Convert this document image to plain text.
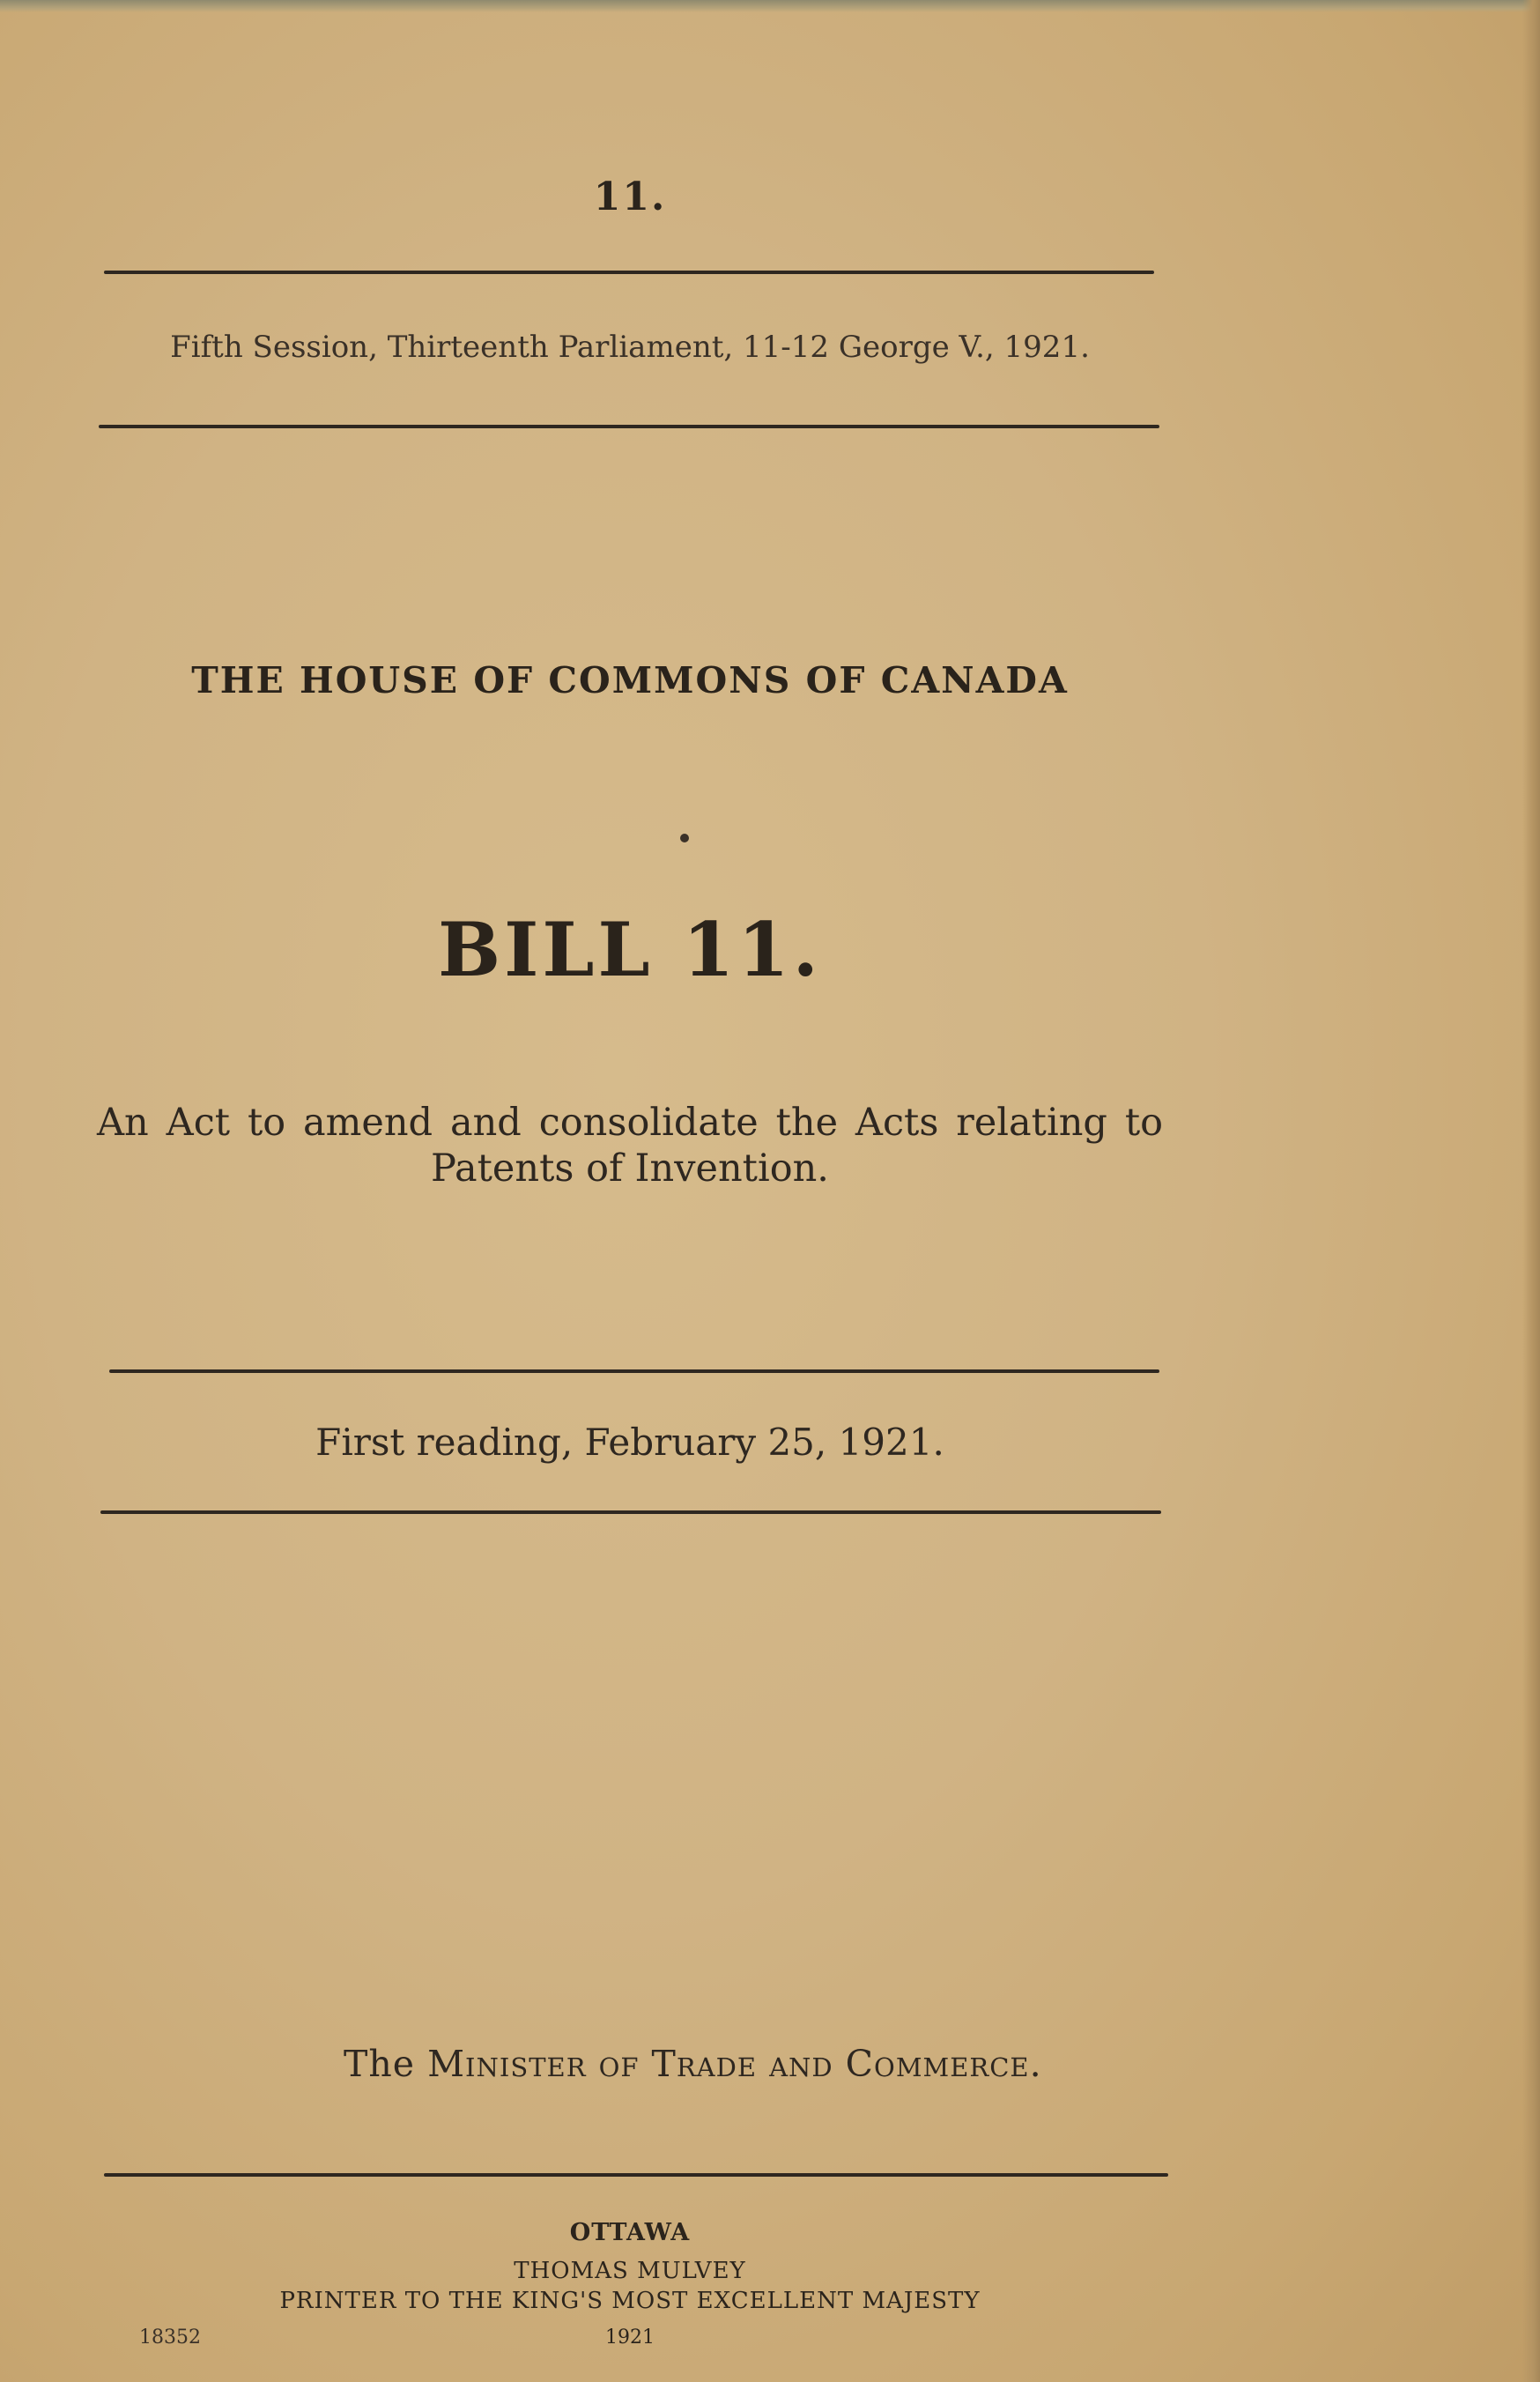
11.
Fifth Session, Thirteenth Parliament, 11-12 George V., 1921.
THE HOUSE OF COMMONS OF CANADA
BILL 11.
An Act to amend and consolidate the Acts relating to Patents of Invention.
First reading, February 25, 1921.
The Minister of Trade and Commerce.
OTTAWA
THOMAS MULVEY
PRINTER TO THE KING'S MOST EXCELLENT MAJESTY
1921
18352
